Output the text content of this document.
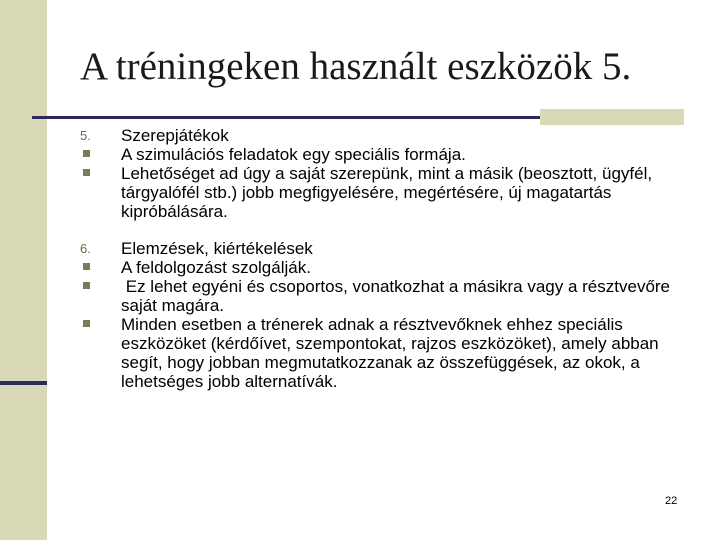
A tréningeken használt eszközök 5.
5.	Szerepjátékok
A szimulációs feladatok egy speciális formája.
Lehetőséget ad úgy a saját szerepünk, mint a másik (beosztott, ügyfél, tárgyalófél stb.) jobb megfigyelésére, megértésére, új magatartás kipróbálására.
6.	Elemzések, kiértékelések
A feldolgozást szolgálják.
Ez lehet egyéni és csoportos, vonatkozhat a másikra vagy a résztvevőre saját magára.
Minden esetben a trénerek adnak a résztvevőknek ehhez speciális eszközöket (kérdőívet, szempontokat, rajzos eszközöket), amely abban segít, hogy jobban megmutatkozzanak az összefüggések, az okok, a lehetséges jobb alternatívák.
22
